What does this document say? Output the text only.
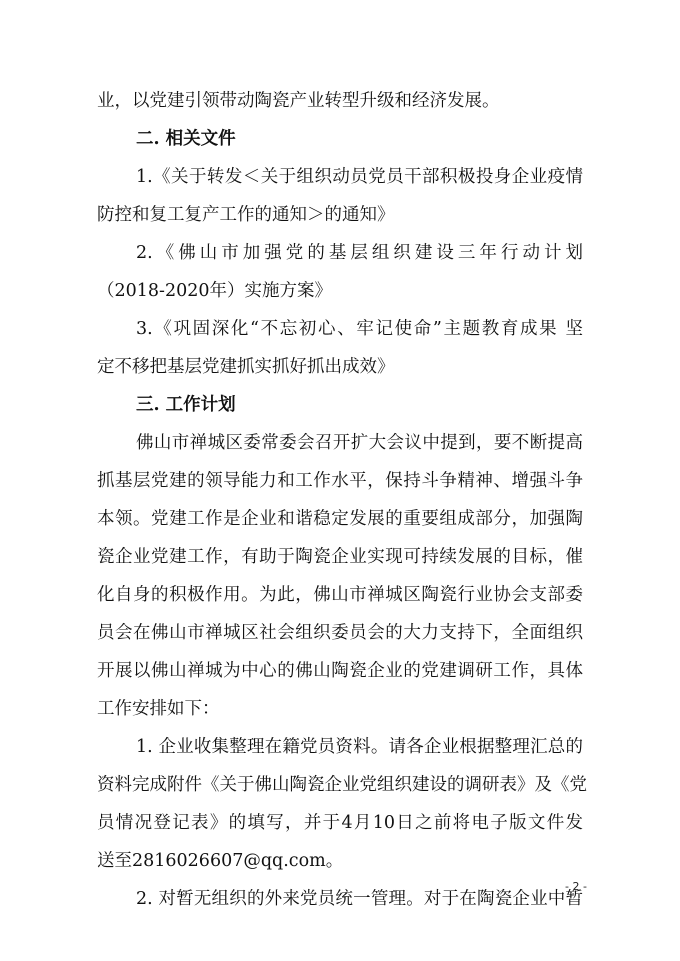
业，以党建引领带动陶瓷产业转型升级和经济发展。
二. 相关文件
1.《关于转发＜关于组织动员党员干部积极投身企业疫情
防控和复工复产工作的通知＞的通知》
2.《佛山市加强党的基层组织建设三年行动计划
（2018-2020年）实施方案》
3.《巩固深化“不忘初心、牢记使命”主题教育成果 坚
定不移把基层党建抓实抓好抓出成效》
三. 工作计划
佛山市禅城区委常委会召开扩大会议中提到，要不断提高
抓基层党建的领导能力和工作水平，保持斗争精神、增强斗争
本领。党建工作是企业和谐稳定发展的重要组成部分，加强陶
瓷企业党建工作，有助于陶瓷企业实现可持续发展的目标，催
化自身的积极作用。为此，佛山市禅城区陶瓷行业协会支部委
员会在佛山市禅城区社会组织委员会的大力支持下，全面组织
开展以佛山禅城为中心的佛山陶瓷企业的党建调研工作，具体
工作安排如下：
1. 企业收集整理在籍党员资料。请各企业根据整理汇总的
资料完成附件《关于佛山陶瓷企业党组织建设的调研表》及《党
员情况登记表》的填写，并于4月10日之前将电子版文件发
送至2816026607@qq.com。
2. 对暂无组织的外来党员统一管理。对于在陶瓷企业中暂
- 2 -
